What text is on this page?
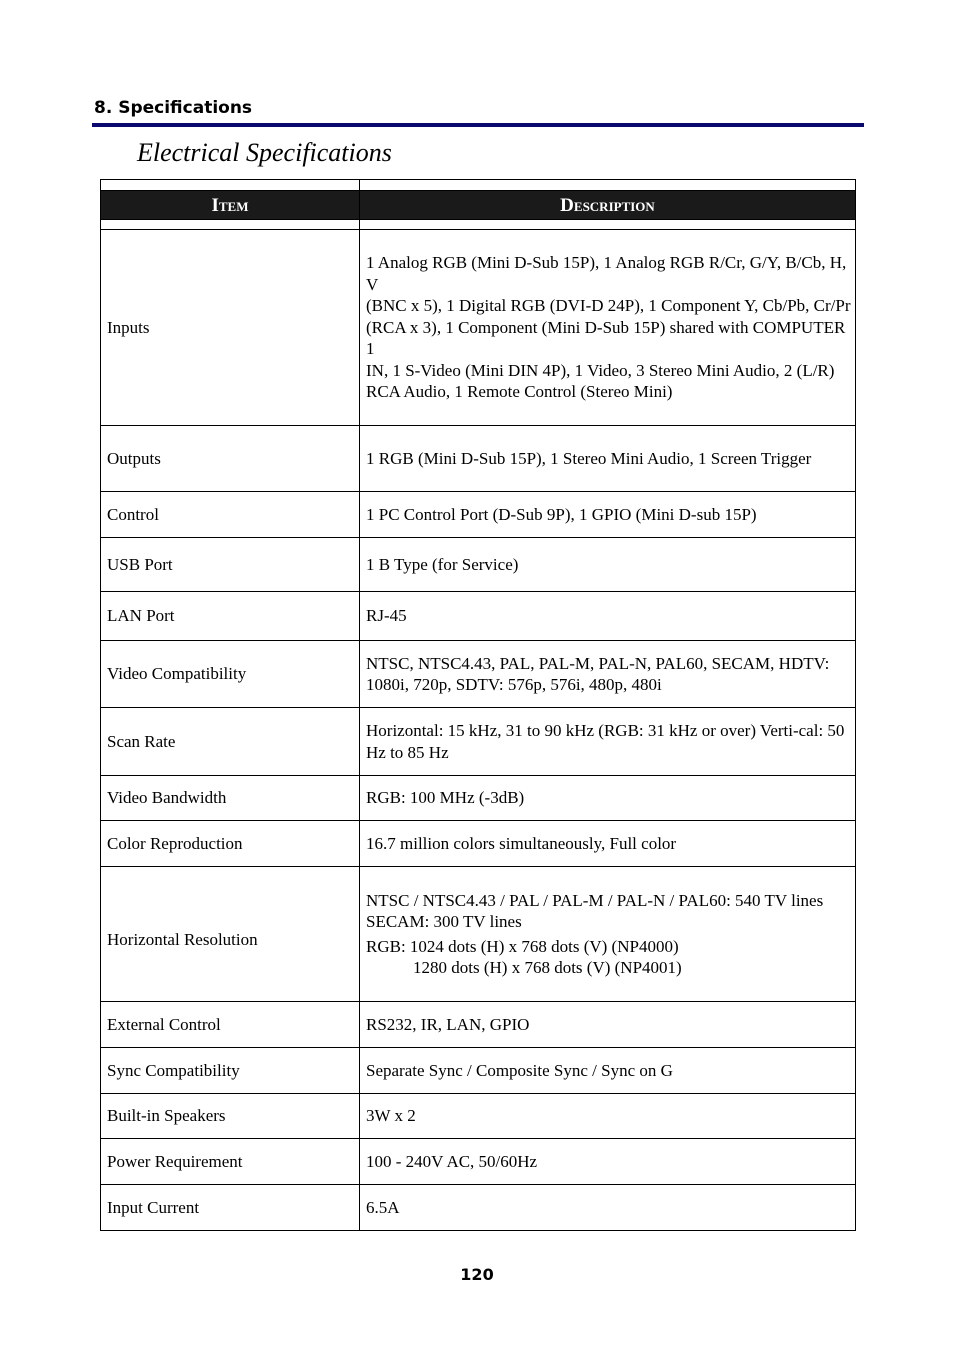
8. Specifications
Electrical Specifications

Item	Description

Inputs	1 Analog RGB (Mini D-Sub 15P), 1 Analog RGB R/Cr, G/Y, B/Cb, H, V
(BNC x 5), 1 Digital RGB (DVI-D 24P), 1 Component Y, Cb/Pb, Cr/Pr
(RCA x 3), 1 Component (Mini D-Sub 15P) shared with COMPUTER 1
IN, 1 S-Video (Mini DIN 4P), 1 Video, 3 Stereo Mini Audio, 2 (L/R) RCA Audio, 1 Remote Control (Stereo Mini)

Outputs	1 RGB (Mini D-Sub 15P), 1 Stereo Mini Audio, 1 Screen Trigger

Control	1 PC Control Port (D-Sub 9P), 1 GPIO (Mini D-sub 15P)

USB Port	1 B Type (for Service)

LAN Port	RJ-45

Video Compatibility	NTSC, NTSC4.43, PAL, PAL-M, PAL-N, PAL60, SECAM, HDTV: 1080i, 720p, SDTV: 576p, 576i, 480p, 480i

Scan Rate	Horizontal: 15 kHz, 31 to 90 kHz (RGB: 31 kHz or over) Verti-cal: 50 Hz to 85 Hz

Video Bandwidth	RGB: 100 MHz (-3dB)

Color Reproduction	16.7 million colors simultaneously, Full color

Horizontal Resolution	NTSC / NTSC4.43 / PAL / PAL-M / PAL-N / PAL60: 540 TV lines
SECAM: 300 TV lines
RGB: 1024 dots (H) x 768 dots (V) (NP4000)
1280 dots (H) x 768 dots (V) (NP4001)

External Control	RS232, IR, LAN, GPIO

Sync Compatibility	Separate Sync / Composite Sync / Sync on G

Built-in Speakers	3W x 2

Power Requirement	100 - 240V AC, 50/60Hz

Input Current	6.5A
120
